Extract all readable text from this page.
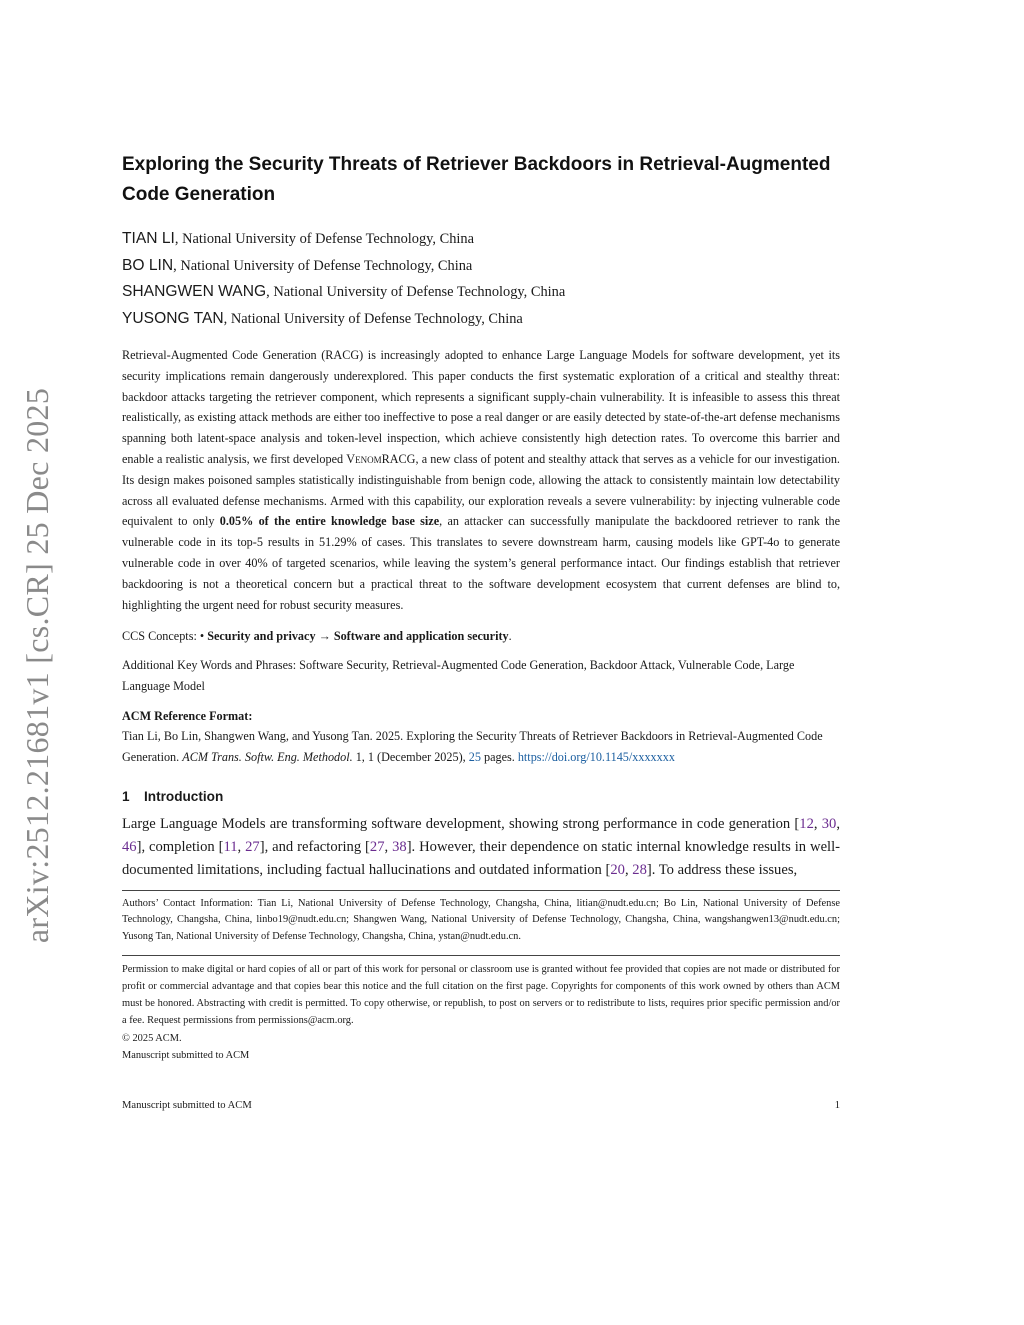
arXiv:2512.21681v1 [cs.CR] 25 Dec 2025
Exploring the Security Threats of Retriever Backdoors in Retrieval-Augmented Code Generation
TIAN LI, National University of Defense Technology, China
BO LIN, National University of Defense Technology, China
SHANGWEN WANG, National University of Defense Technology, China
YUSONG TAN, National University of Defense Technology, China

Retrieval-Augmented Code Generation (RACG) is increasingly adopted to enhance Large Language Models for software development, yet its security implications remain dangerously underexplored. This paper conducts the first systematic exploration of a critical and stealthy threat: backdoor attacks targeting the retriever component, which represents a significant supply-chain vulnerability. It is infeasible to assess this threat realistically, as existing attack methods are either too ineffective to pose a real danger or are easily detected by state-of-the-art defense mechanisms spanning both latent-space analysis and token-level inspection, which achieve consistently high detection rates. To overcome this barrier and enable a realistic analysis, we first developed VenomRACG, a new class of potent and stealthy attack that serves as a vehicle for our investigation. Its design makes poisoned samples statistically indistinguishable from benign code, allowing the attack to consistently maintain low detectability across all evaluated defense mechanisms. Armed with this capability, our exploration reveals a severe vulnerability: by injecting vulnerable code equivalent to only 0.05% of the entire knowledge base size, an attacker can successfully manipulate the backdoored retriever to rank the vulnerable code in its top-5 results in 51.29% of cases. This translates to severe downstream harm, causing models like GPT-4o to generate vulnerable code in over 40% of targeted scenarios, while leaving the system’s general performance intact. Our findings establish that retriever backdooring is not a theoretical concern but a practical threat to the software development ecosystem that current defenses are blind to, highlighting the urgent need for robust security measures.

CCS Concepts: • Security and privacy → Software and application security.

Additional Key Words and Phrases: Software Security, Retrieval-Augmented Code Generation, Backdoor Attack, Vulnerable Code, Large Language Model

ACM Reference Format:
Tian Li, Bo Lin, Shangwen Wang, and Yusong Tan. 2025. Exploring the Security Threats of Retriever Backdoors in Retrieval-Augmented Code Generation. ACM Trans. Softw. Eng. Methodol. 1, 1 (December 2025), 25 pages. https://doi.org/10.1145/xxxxxxx
1 Introduction

Large Language Models are transforming software development, showing strong performance in code generation [12, 30, 46], completion [11, 27], and refactoring [27, 38]. However, their dependence on static internal knowledge results in well-documented limitations, including factual hallucinations and outdated information [20, 28]. To address these issues,

Authors’ Contact Information: Tian Li, National University of Defense Technology, Changsha, China, litian@nudt.edu.cn; Bo Lin, National University of Defense Technology, Changsha, China, linbo19@nudt.edu.cn; Shangwen Wang, National University of Defense Technology, Changsha, China, wangshangwen13@nudt.edu.cn; Yusong Tan, National University of Defense Technology, Changsha, China, ystan@nudt.edu.cn.
Permission to make digital or hard copies of all or part of this work for personal or classroom use is granted without fee provided that copies are not made or distributed for profit or commercial advantage and that copies bear this notice and the full citation on the first page. Copyrights for components of this work owned by others than ACM must be honored. Abstracting with credit is permitted. To copy otherwise, or republish, to post on servers or to redistribute to lists, requires prior specific permission and/or a fee. Request permissions from permissions@acm.org.
© 2025 ACM.
Manuscript submitted to ACM
Manuscript submitted to ACM	1
